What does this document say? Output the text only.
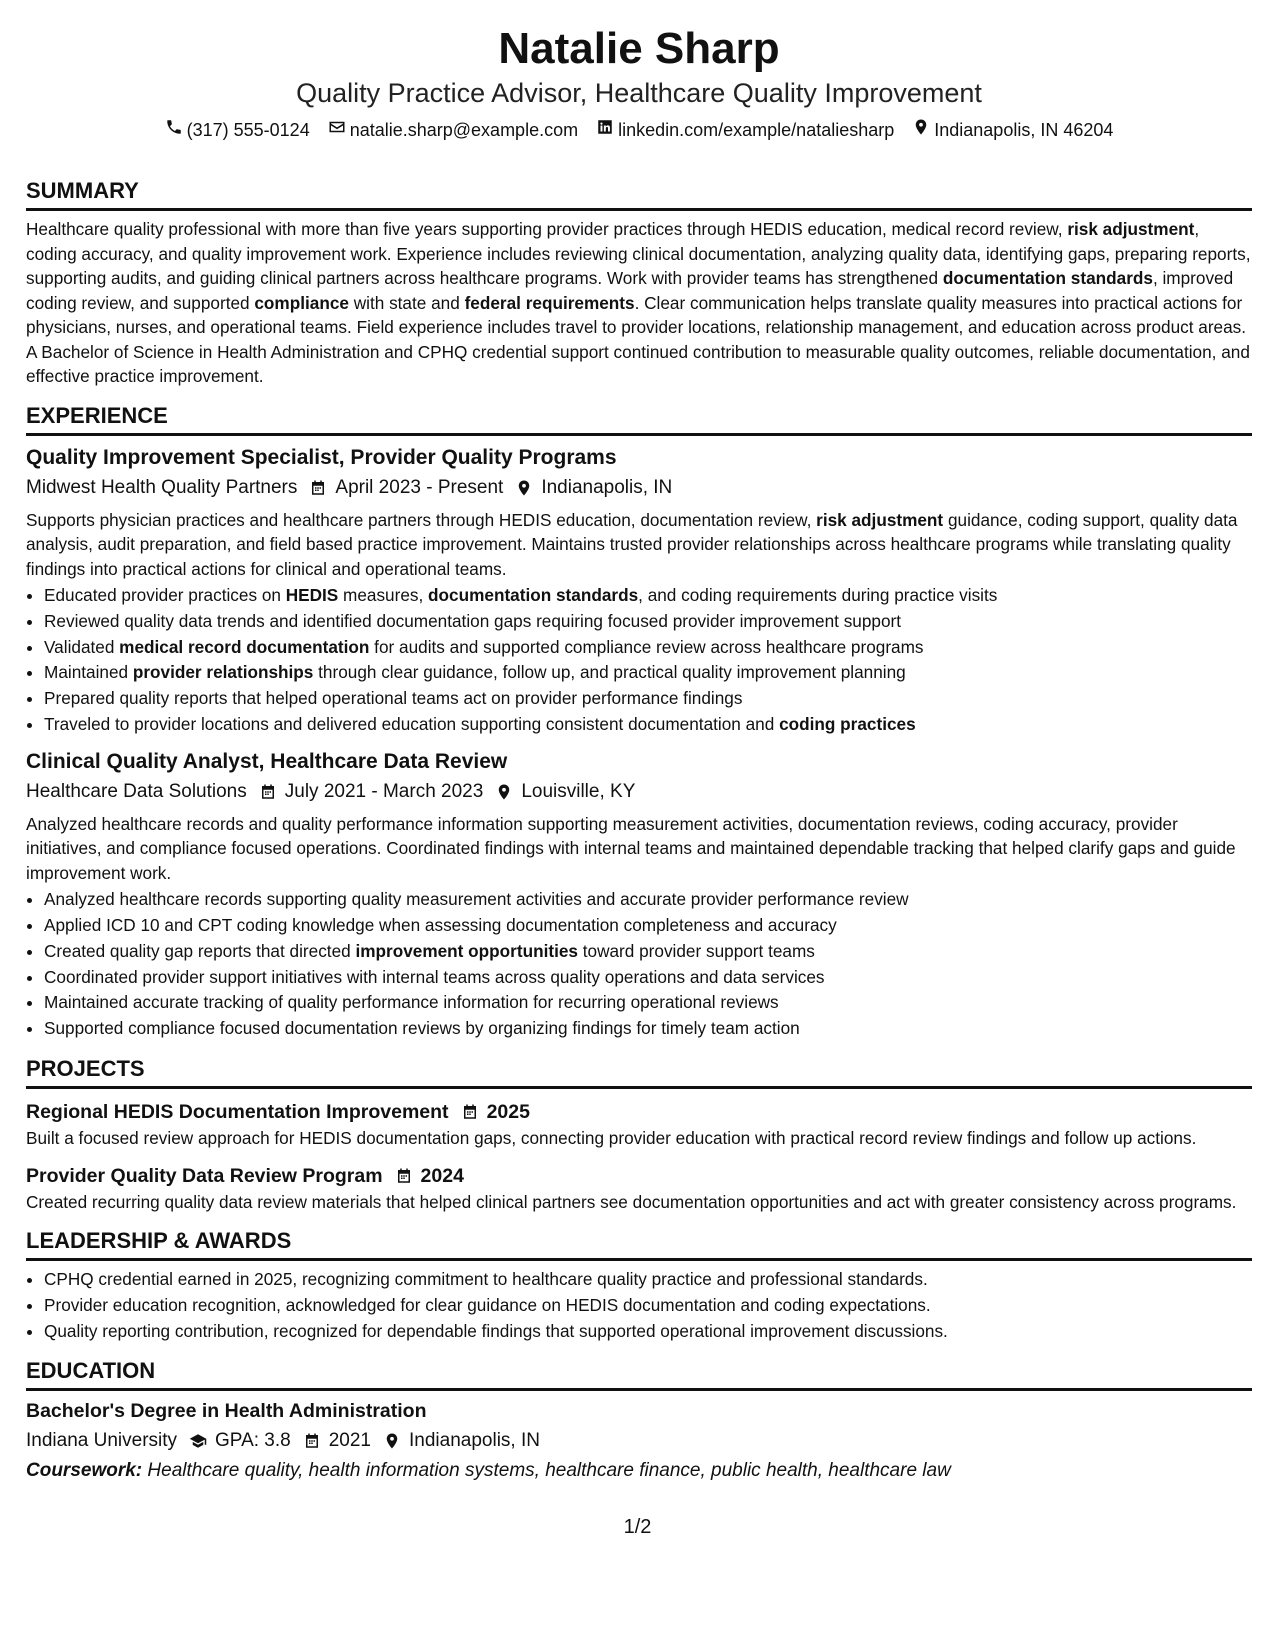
Natalie Sharp
Quality Practice Advisor, Healthcare Quality Improvement
(317) 555-0124 natalie.sharp@example.com linkedin.com/example/nataliesharp Indianapolis, IN 46204
SUMMARY
Healthcare quality professional with more than five years supporting provider practices through HEDIS education, medical record review, risk adjustment, coding accuracy, and quality improvement work. Experience includes reviewing clinical documentation, analyzing quality data, identifying gaps, preparing reports, supporting audits, and guiding clinical partners across healthcare programs. Work with provider teams has strengthened documentation standards, improved coding review, and supported compliance with state and federal requirements. Clear communication helps translate quality measures into practical actions for physicians, nurses, and operational teams. Field experience includes travel to provider locations, relationship management, and education across product areas. A Bachelor of Science in Health Administration and CPHQ credential support continued contribution to measurable quality outcomes, reliable documentation, and effective practice improvement.
EXPERIENCE
Quality Improvement Specialist, Provider Quality Programs
Midwest Health Quality Partners April 2023 - Present Indianapolis, IN
Supports physician practices and healthcare partners through HEDIS education, documentation review, risk adjustment guidance, coding support, quality data analysis, audit preparation, and field based practice improvement. Maintains trusted provider relationships across healthcare programs while translating quality findings into practical actions for clinical and operational teams.
• Educated provider practices on HEDIS measures, documentation standards, and coding requirements during practice visits
• Reviewed quality data trends and identified documentation gaps requiring focused provider improvement support
• Validated medical record documentation for audits and supported compliance review across healthcare programs
• Maintained provider relationships through clear guidance, follow up, and practical quality improvement planning
• Prepared quality reports that helped operational teams act on provider performance findings
• Traveled to provider locations and delivered education supporting consistent documentation and coding practices
Clinical Quality Analyst, Healthcare Data Review
Healthcare Data Solutions July 2021 - March 2023 Louisville, KY
Analyzed healthcare records and quality performance information supporting measurement activities, documentation reviews, coding accuracy, provider initiatives, and compliance focused operations. Coordinated findings with internal teams and maintained dependable tracking that helped clarify gaps and guide improvement work.
• Analyzed healthcare records supporting quality measurement activities and accurate provider performance review
• Applied ICD 10 and CPT coding knowledge when assessing documentation completeness and accuracy
• Created quality gap reports that directed improvement opportunities toward provider support teams
• Coordinated provider support initiatives with internal teams across quality operations and data services
• Maintained accurate tracking of quality performance information for recurring operational reviews
• Supported compliance focused documentation reviews by organizing findings for timely team action
PROJECTS
Regional HEDIS Documentation Improvement 2025
Built a focused review approach for HEDIS documentation gaps, connecting provider education with practical record review findings and follow up actions.
Provider Quality Data Review Program 2024
Created recurring quality data review materials that helped clinical partners see documentation opportunities and act with greater consistency across programs.
LEADERSHIP & AWARDS
• CPHQ credential earned in 2025, recognizing commitment to healthcare quality practice and professional standards.
• Provider education recognition, acknowledged for clear guidance on HEDIS documentation and coding expectations.
• Quality reporting contribution, recognized for dependable findings that supported operational improvement discussions.
EDUCATION
Bachelor's Degree in Health Administration
Indiana University GPA: 3.8 2021 Indianapolis, IN
Coursework: Healthcare quality, health information systems, healthcare finance, public health, healthcare law
1/2
